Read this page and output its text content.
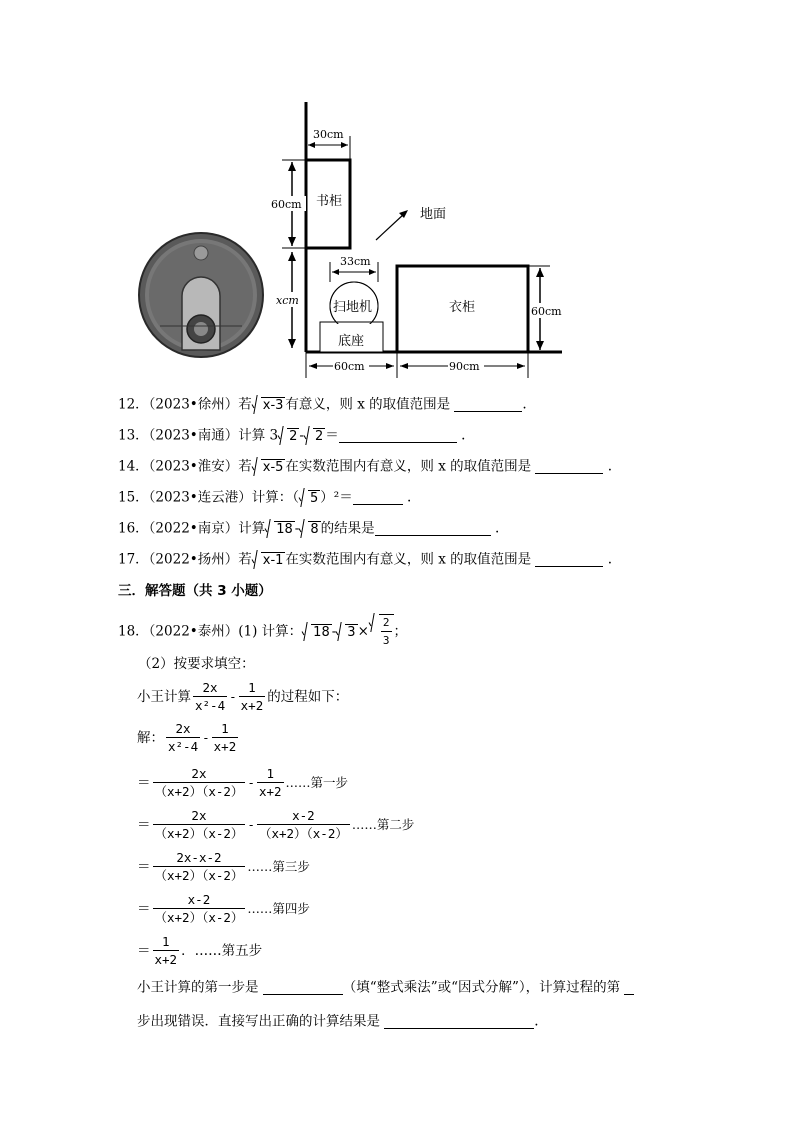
书柜
30cm
60cm
xcm
地面
33cm
扫地机
底座
衣柜	60cm
60cm	90cm
12．（2023•徐州）若 x-3 有意义，则 x 的取值范围是	.
13．（2023•南通）计算 3 2 - 2 ＝	.
14．（2023•淮安）若 x-5 在实数范围内有意义，则 x 的取值范围是	.
15．（2023•连云港）计算：（ 5 ）²＝	.
16．（2022•南京）计算 18 - 8 的结果是	.
17．（2022•扬州）若 x-1 在实数范围内有意义，则 x 的取值范围是	.
三．解答题（共 3 小题）
18．（2022•泰州）(1) 计算： $18 - 3 \times \frac{2}{3}$ ；
（2）按要求填空：
小王计算 $\frac{2x}{\text{x²-4}} - \frac{1}{x+2}$ 的过程如下：
解： $\frac{2x}{\text{x²-4}} - \frac{1}{x+2}$
＝ $\frac{2x}{(x+2)(x-2)} - \frac{1}{x+2}$ ……第一步
＝ $\frac{2x}{(x+2)(x-2)} - \frac{x-2}{(x+2)(x-2)}$ ……第二步
＝ $\frac{2x-x-2}{(x+2)(x-2)}$ ……第三步
＝ $\frac{x-2}{(x+2)(x-2)}$ ……第四步
＝ $\frac{1}{x+2}$ ．……第五步
小王计算的第一步是	（填“整式乘法”或“因式分解”），计算过程的第
步出现错误．直接写出正确的计算结果是	.
